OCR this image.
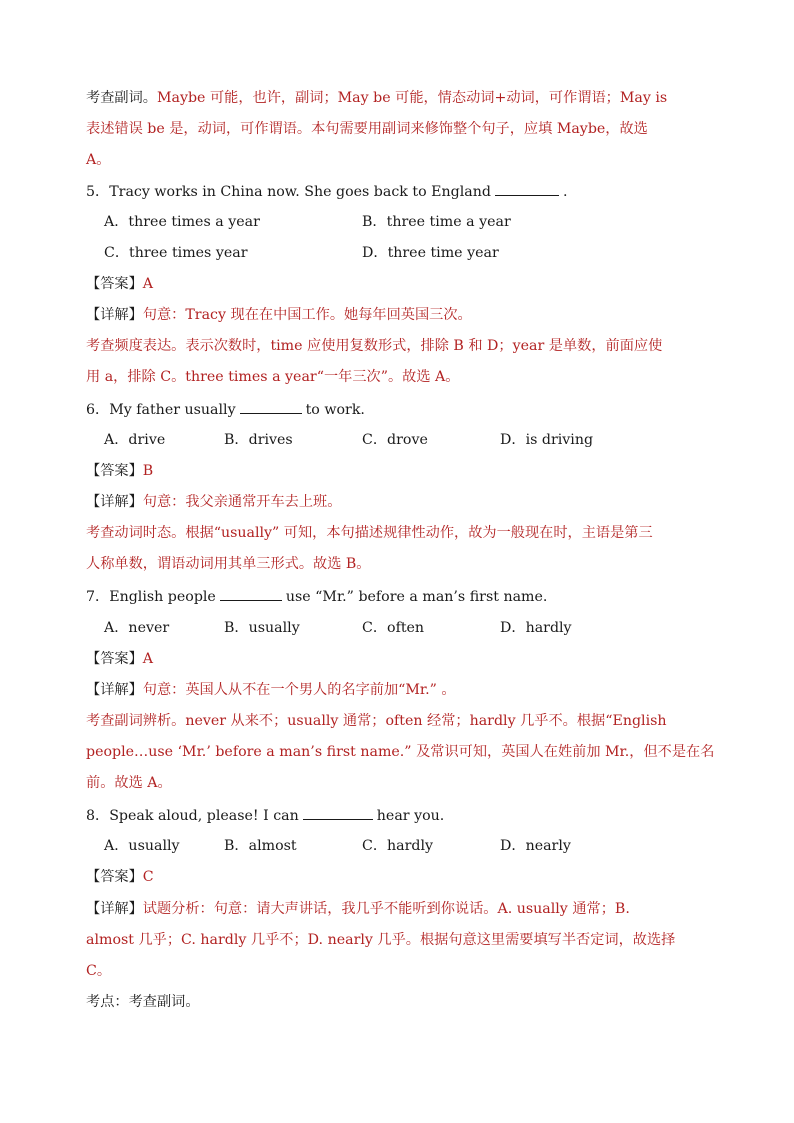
考查副词。Maybe 可能，也许，副词；May be 可能，情态动词+动词，可作谓语；May is
表述错误 be 是，动词，可作谓语。本句需要用副词来修饰整个句子，应填 Maybe，故选
A。
5．Tracy works in China now. She goes back to England	.
A．three times a year	B．three time a year
C．three times year	D．three time year
【答案】A
【详解】句意：Tracy 现在在中国工作。她每年回英国三次。
考查频度表达。表示次数时，time 应使用复数形式，排除 B 和 D；year 是单数，前面应使
用 a，排除 C。three times a year“一年三次”。故选 A。
6．My father usually	to work.
A．drive	B．drives	C．drove	D．is driving
【答案】B
【详解】句意：我父亲通常开车去上班。
考查动词时态。根据“usually” 可知，本句描述规律性动作，故为一般现在时，主语是第三
人称单数，谓语动词用其单三形式。故选 B。
7．English people	use “Mr.” before a man’s first name.
A．never	B．usually	C．often	D．hardly
【答案】A
【详解】句意：英国人从不在一个男人的名字前加“Mr.” 。
考查副词辨析。never 从来不；usually 通常；often 经常；hardly 几乎不。根据“English
people…use ‘Mr.’ before a man’s first name.” 及常识可知，英国人在姓前加 Mr.，但不是在名
前。故选 A。
8．Speak aloud, please! I can	hear you.
A．usually	B．almost	C．hardly	D．nearly
【答案】C
【详解】试题分析：句意：请大声讲话，我几乎不能听到你说话。A. usually 通常；B.
almost 几乎；C. hardly 几乎不；D. nearly 几乎。根据句意这里需要填写半否定词，故选择
C。
考点：考查副词。
